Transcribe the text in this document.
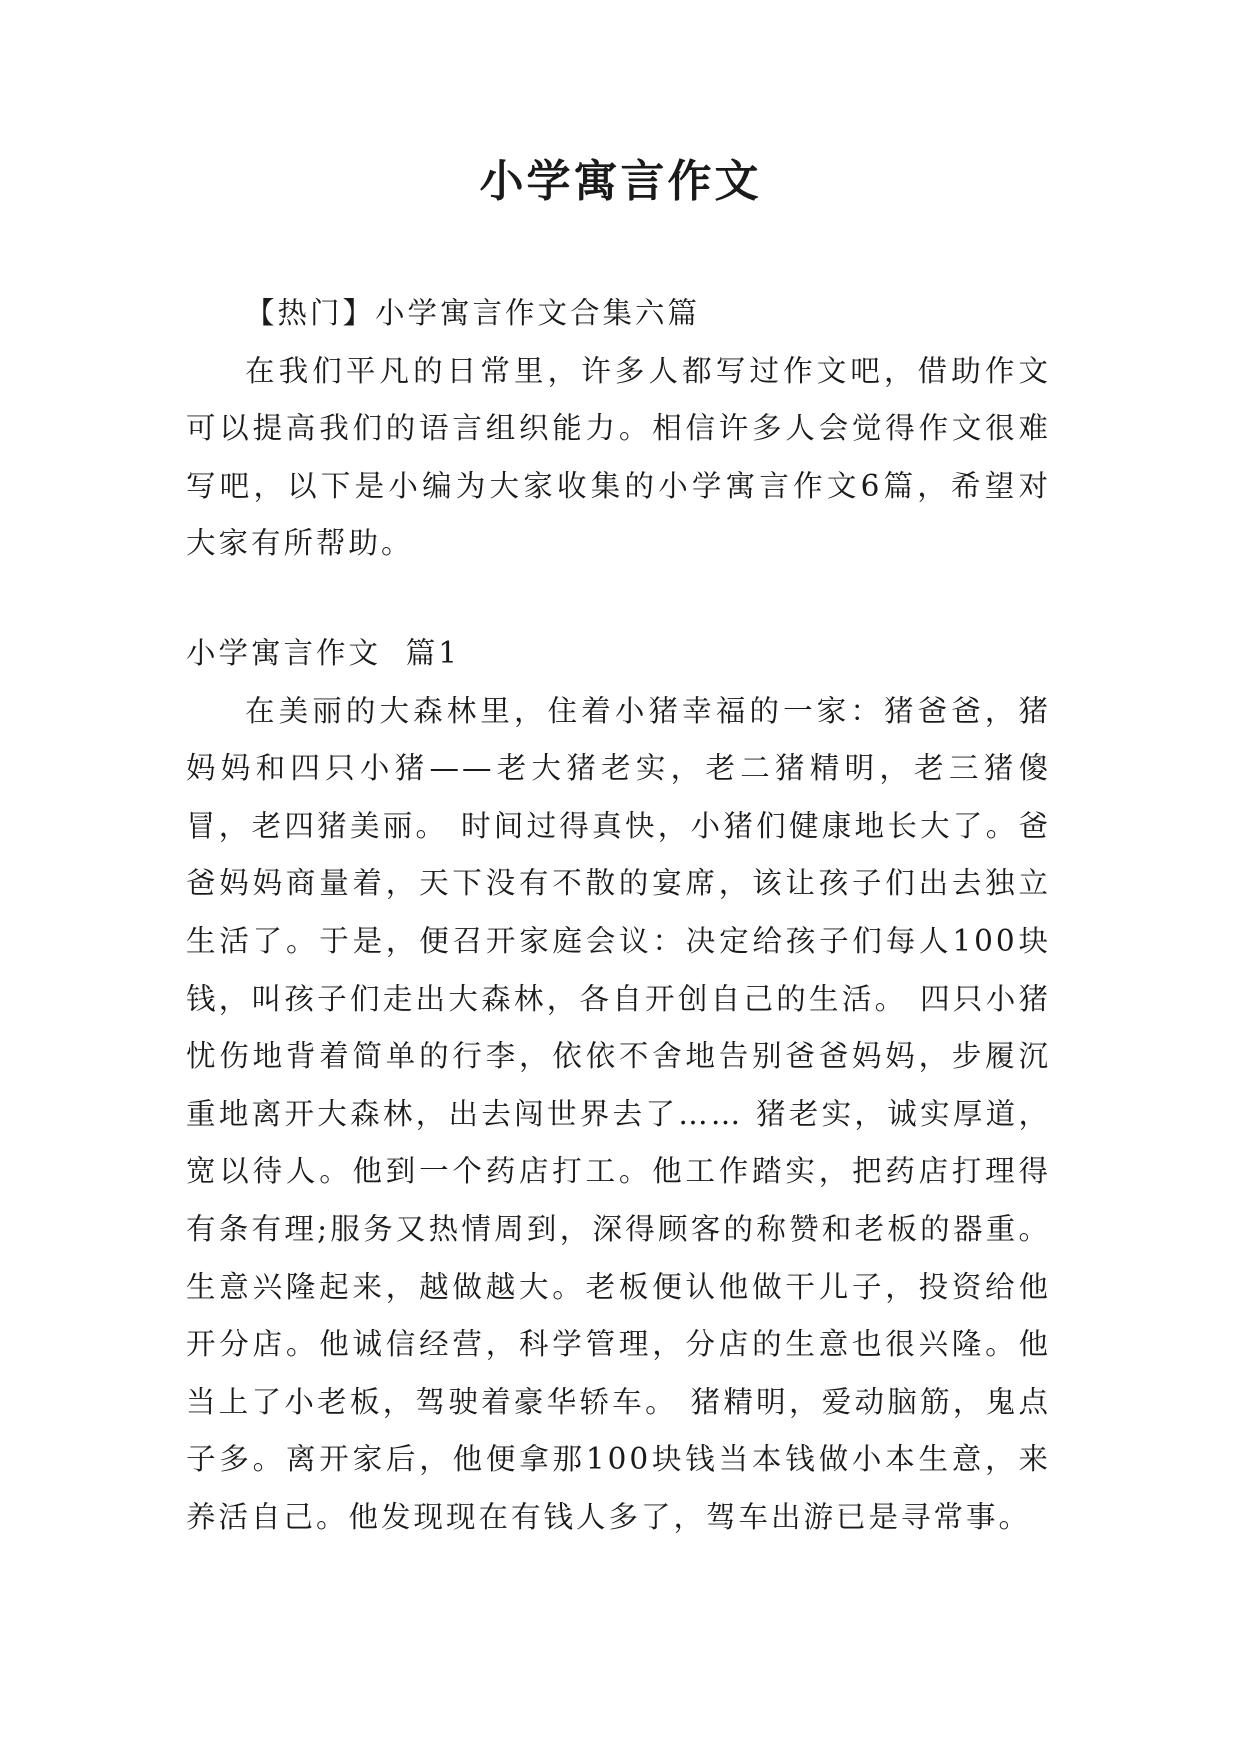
小学寓言作文

【热门】小学寓言作文合集六篇

在我们平凡的日常里，许多人都写过作文吧，借助作文可以提高我们的语言组织能力。相信许多人会觉得作文很难写吧，以下是小编为大家收集的小学寓言作文6篇，希望对大家有所帮助。

小学寓言作文  篇1

在美丽的大森林里，住着小猪幸福的一家：猪爸爸，猪妈妈和四只小猪——老大猪老实，老二猪精明，老三猪傻冒，老四猪美丽。 时间过得真快，小猪们健康地长大了。爸爸妈妈商量着，天下没有不散的宴席，该让孩子们出去独立生活了。于是，便召开家庭会议：决定给孩子们每人100块钱，叫孩子们走出大森林，各自开创自己的生活。 四只小猪忧伤地背着简单的行李，依依不舍地告别爸爸妈妈，步履沉重地离开大森林，出去闯世界去了…… 猪老实，诚实厚道，宽以待人。他到一个药店打工。他工作踏实，把药店打理得有条有理;服务又热情周到，深得顾客的称赞和老板的器重。生意兴隆起来，越做越大。老板便认他做干儿子，投资给他开分店。他诚信经营，科学管理，分店的生意也很兴隆。他当上了小老板，驾驶着豪华轿车。 猪精明，爱动脑筋，鬼点子多。离开家后，他便拿那100块钱当本钱做小本生意，来养活自己。他发现现在有钱人多了，驾车出游已是寻常事。
